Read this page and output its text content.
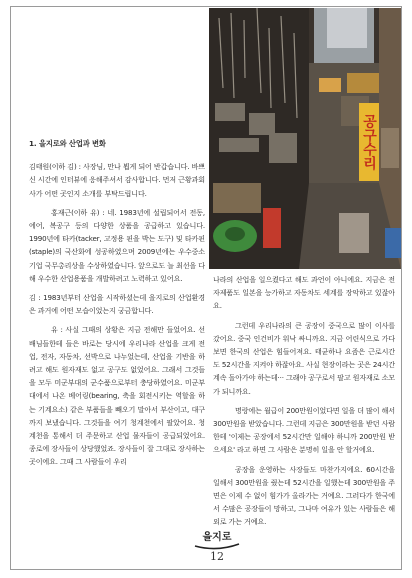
공구수리

1. 을지로와 산업과 변화

김태원(이하 김) : 사장님, 만나 뵙게 되어 반갑습니다. 바쁘신 시간에 인터뷰에 응해주셔서 감사합니다. 먼저 근황과회사가 어떤 곳인지 소개를 부탁드립니다.

홍재근(이하 유) : 네. 1983년에 설립되어서 전동, 에어, 복공구 등의 다양한 상품을 공급하고 있습니다. 1990년에 타카(tacker, 고정용 핀을 박는 도구) 및 타카핀(staple)의 국산화에 성공하였으며 2009년에는 우수중소기업 국무총리상을 수상하였습니다. 앞으로도 늘 최선을 다해 우수한 산업용품을 개발하려고 노력하고 있어요.

김 : 1983년부터 산업을 시작하셨는데 을지로의 산업환경은 과거에 어떤 모습이었는지 궁금합니다.

유 : 사실 그때의 상황은 지금 전해만 들었어요. 선배님들한테 들은 바로는 당시에 우리나라 산업을 크게 전업, 전자, 자동차, 선박으로 나누었는데, 산업을 기반을 하려고 해도 원자재도 없고 공구도 없었어요. 그래서 그것들을 모두 미군부대의 군수품으로부터 충당하였어요. 미군부대에서 나온 베어링(bearing, 축을 회전시키는 역할을 하는 기계요소) 같은 부품들을 빼오기 말아서 부산이고, 대구까지 보냈습니다. 그것들을 여기 청계천에서 팔았어요. 청계천을 통해서 더 주문하고 산업 물자들이 공급되었어요. 종로에 장사들이 상당했었죠. 장사들이 잘 그대로 장사하는 곳이에요. 그때 그 사람들이 우리

나라의 산업을 일으켰다고 해도 과언이 아니에요. 지금은 전자제품도 일본을 능가하고 자동차도 세계를 장악하고 있잖아요.

그런데 우리나라의 큰 공장이 중국으로 많이 이사를 갔어요. 중국 인건비가 워낙 싸니까요. 지금 어린식으로 가다보면 한국의 산업은 힘들어져요. 태균하나 요즘은 근로시간도 52시간을 지켜야 하잖아요. 사실 현장이라는 곳은 24시간 계속 돌아가야 하는데··· 그래야 공구로서 팔고 원자재로 소모가 되니까요.

명랑에는 월급이 200만원이었다면 일을 더 많이 해서 300만원을 받았습니다. 그런데 지금은 300만원을 받던 사람한테 '이제는 공장에서 52시간만 일해야 하니까 200만원 받으세요' 라고 하면 그 사람은 분명히 일을 안 할거에요.

공장을 운영하는 사장들도 마찬가지에요. 60시간을 일해서 300만원을 줬는데 52시간을 일했는데 300만원을 주면은 이제 수 없이 힘가가 올라가는 거예요. 그러다가 한국에서 수많은 공장들이 망하고, 그나마 여유가 있는 사람들은 해외로 가는 거예요.

을지로
12
